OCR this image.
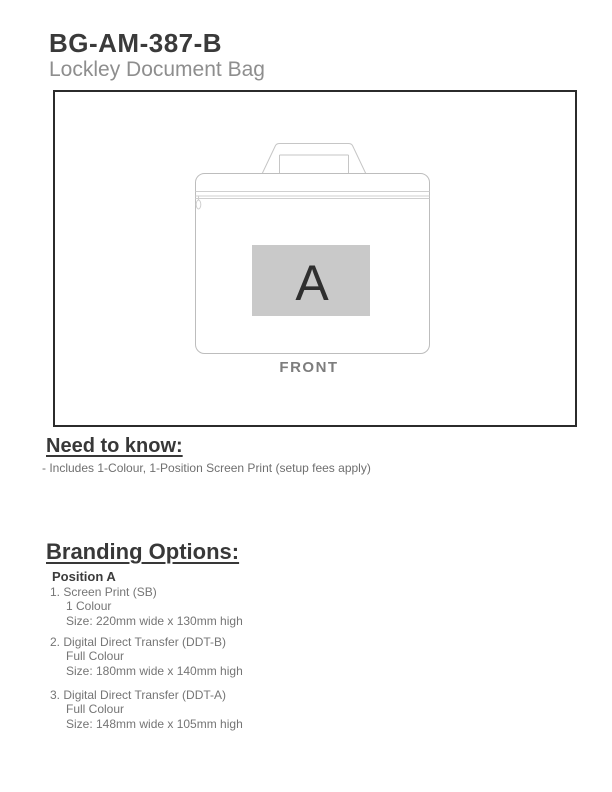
BG-AM-387-B
Lockley Document Bag
A
FRONT
Need to know:
- Includes 1-Colour, 1-Position Screen Print (setup fees apply)
Branding Options:
Position A
1. Screen Print (SB)
1 Colour
Size: 220mm wide x 130mm high
2. Digital Direct Transfer (DDT-B)
Full Colour
Size: 180mm wide x 140mm high
3. Digital Direct Transfer (DDT-A)
Full Colour
Size: 148mm wide x 105mm high
